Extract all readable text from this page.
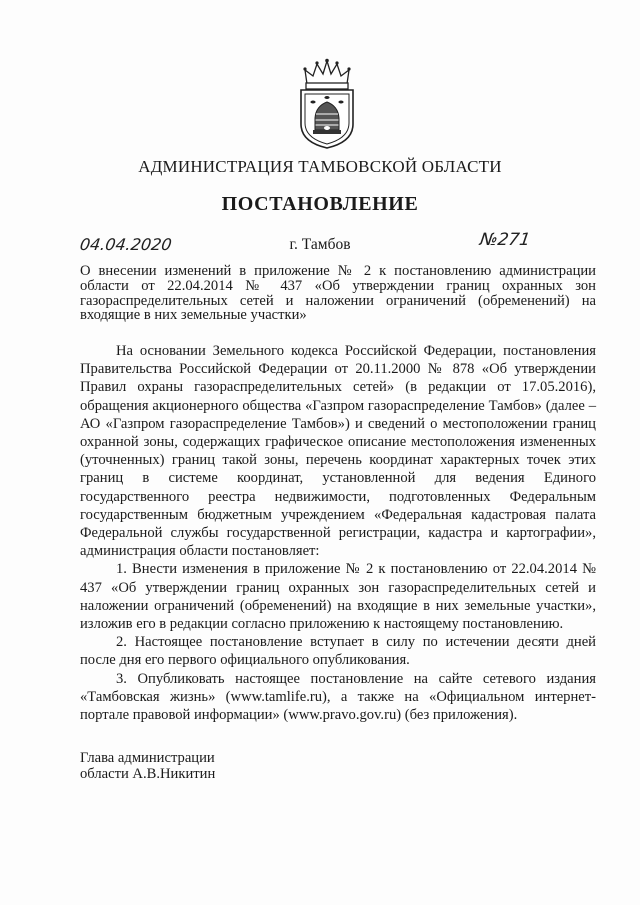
АДМИНИСТРАЦИЯ ТАМБОВСКОЙ ОБЛАСТИ
ПОСТАНОВЛЕНИЕ
04.04.2020	г. Тамбов	№271
О внесении изменений в приложение № 2 к постановлению администрации области от 22.04.2014 № 437 «Об утверждении границ охранных зон газораспределительных сетей и наложении ограничений (обременений) на входящие в них земельные участки»

На основании Земельного кодекса Российской Федерации, постановления Правительства Российской Федерации от 20.11.2000 № 878 «Об утверждении Правил охраны газораспределительных сетей» (в редакции от 17.05.2016), обращения акционерного общества «Газпром газораспределение Тамбов» (далее – АО «Газпром газораспределение Тамбов») и сведений о местоположении границ охранной зоны, содержащих графическое описание местоположения измененных (уточненных) границ такой зоны, перечень координат характерных точек этих границ в системе координат, установленной для ведения Единого государственного реестра недвижимости, подготовленных Федеральным государственным бюджетным учреждением «Федеральная кадастровая палата Федеральной службы государственной регистрации, кадастра и картографии», администрация области постановляет:

1. Внести изменения в приложение № 2 к постановлению от 22.04.2014 № 437 «Об утверждении границ охранных зон газораспределительных сетей и наложении ограничений (обременений) на входящие в них земельные участки», изложив его в редакции согласно приложению к настоящему постановлению.

2. Настоящее постановление вступает в силу по истечении десяти дней после дня его первого официального опубликования.

3. Опубликовать настоящее постановление на сайте сетевого издания «Тамбовская жизнь» (www.tamlife.ru), а также на «Официальном интернет-портале правовой информации» (www.pravo.gov.ru) (без приложения).

Глава администрации
области А.В.Никитин
